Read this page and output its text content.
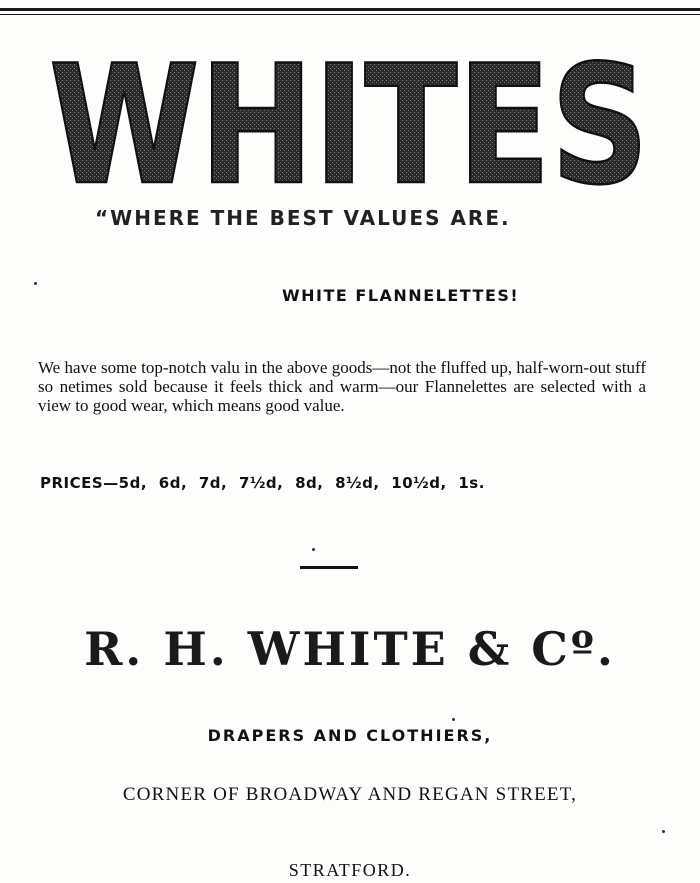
WHITES
“WHERE THE BEST VALUES ARE.
WHITE FLANNELETTES!
We have some top-notch valu in the above goods—not the fluffed up, half-worn-out stuff so netimes sold because it feels thick and warm—our Flannelettes are selected with a view to good wear, which means good value.
PRICES—5d, 6d, 7d, 7½d, 8d, 8½d, 10½d, 1s.
R. H. WHITE & Cº.
DRAPERS AND CLOTHIERS,
CORNER OF BROADWAY AND REGAN STREET,
STRATFORD.
